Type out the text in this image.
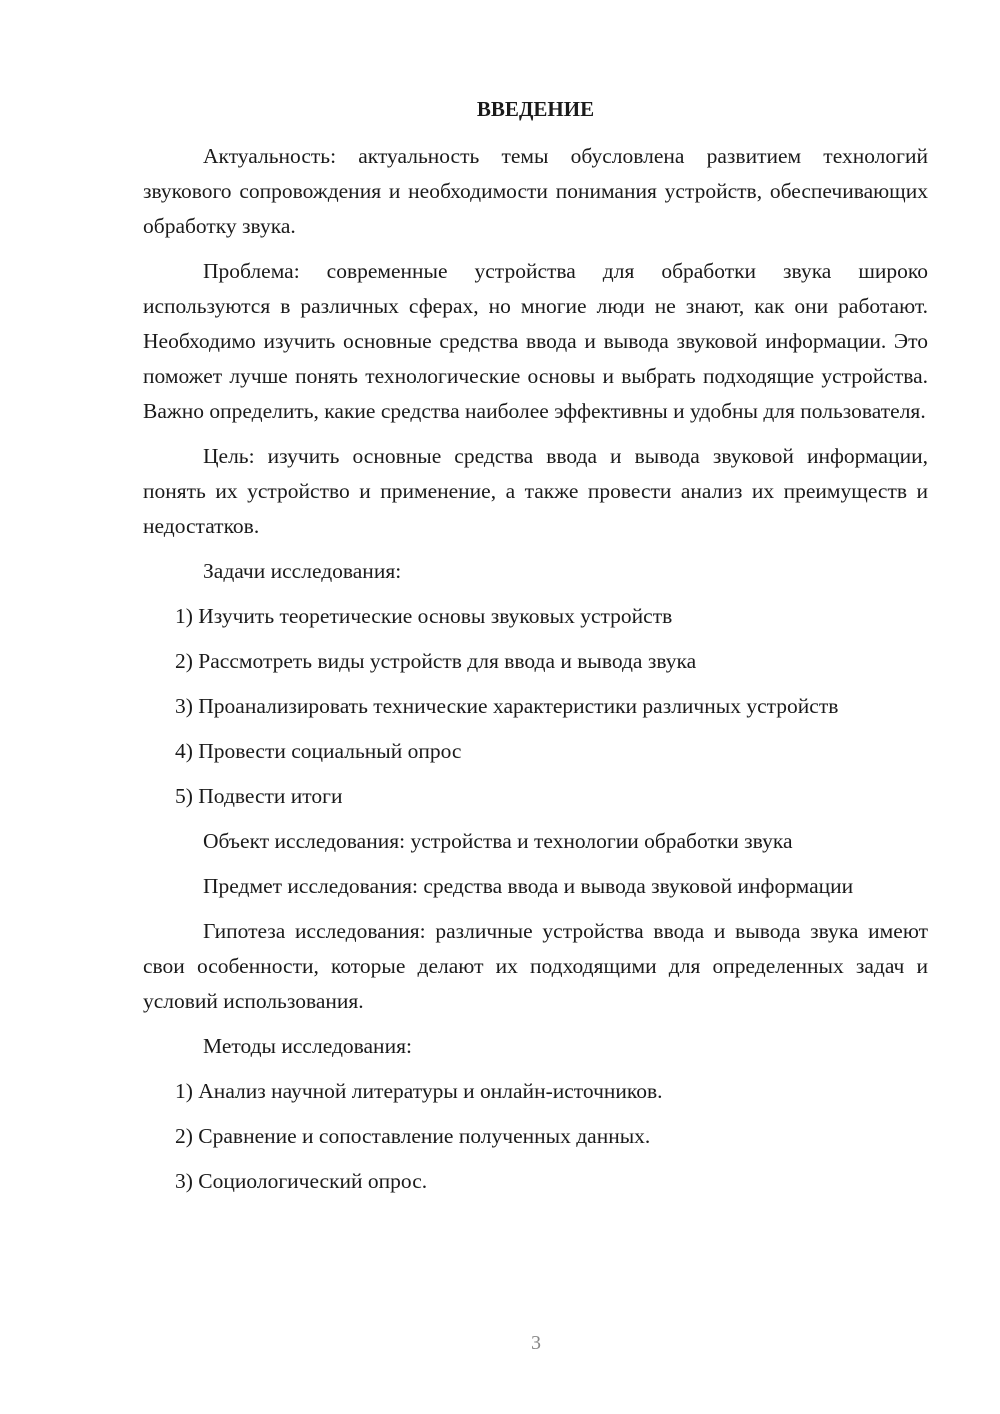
ВВЕДЕНИЕ

Актуальность: актуальность темы обусловлена развитием технологий звукового сопровождения и необходимости понимания устройств, обеспечивающих обработку звука.

Проблема: современные устройства для обработки звука широко используются в различных сферах, но многие люди не знают, как они работают. Необходимо изучить основные средства ввода и вывода звуковой информации. Это поможет лучше понять технологические основы и выбрать подходящие устройства. Важно определить, какие средства наиболее эффективны и удобны для пользователя.

Цель: изучить основные средства ввода и вывода звуковой информации, понять их устройство и применение, а также провести анализ их преимуществ и недостатков.

Задачи исследования:

1) Изучить теоретические основы звуковых устройств

2) Рассмотреть виды устройств для ввода и вывода звука

3) Проанализировать технические характеристики различных устройств

4) Провести социальный опрос

5) Подвести итоги

Объект исследования: устройства и технологии обработки звука

Предмет исследования: средства ввода и вывода звуковой информации

Гипотеза исследования: различные устройства ввода и вывода звука имеют свои особенности, которые делают их подходящими для определенных задач и условий использования.

Методы исследования:

1) Анализ научной литературы и онлайн-источников.

2) Сравнение и сопоставление полученных данных.

3) Социологический опрос.

3
